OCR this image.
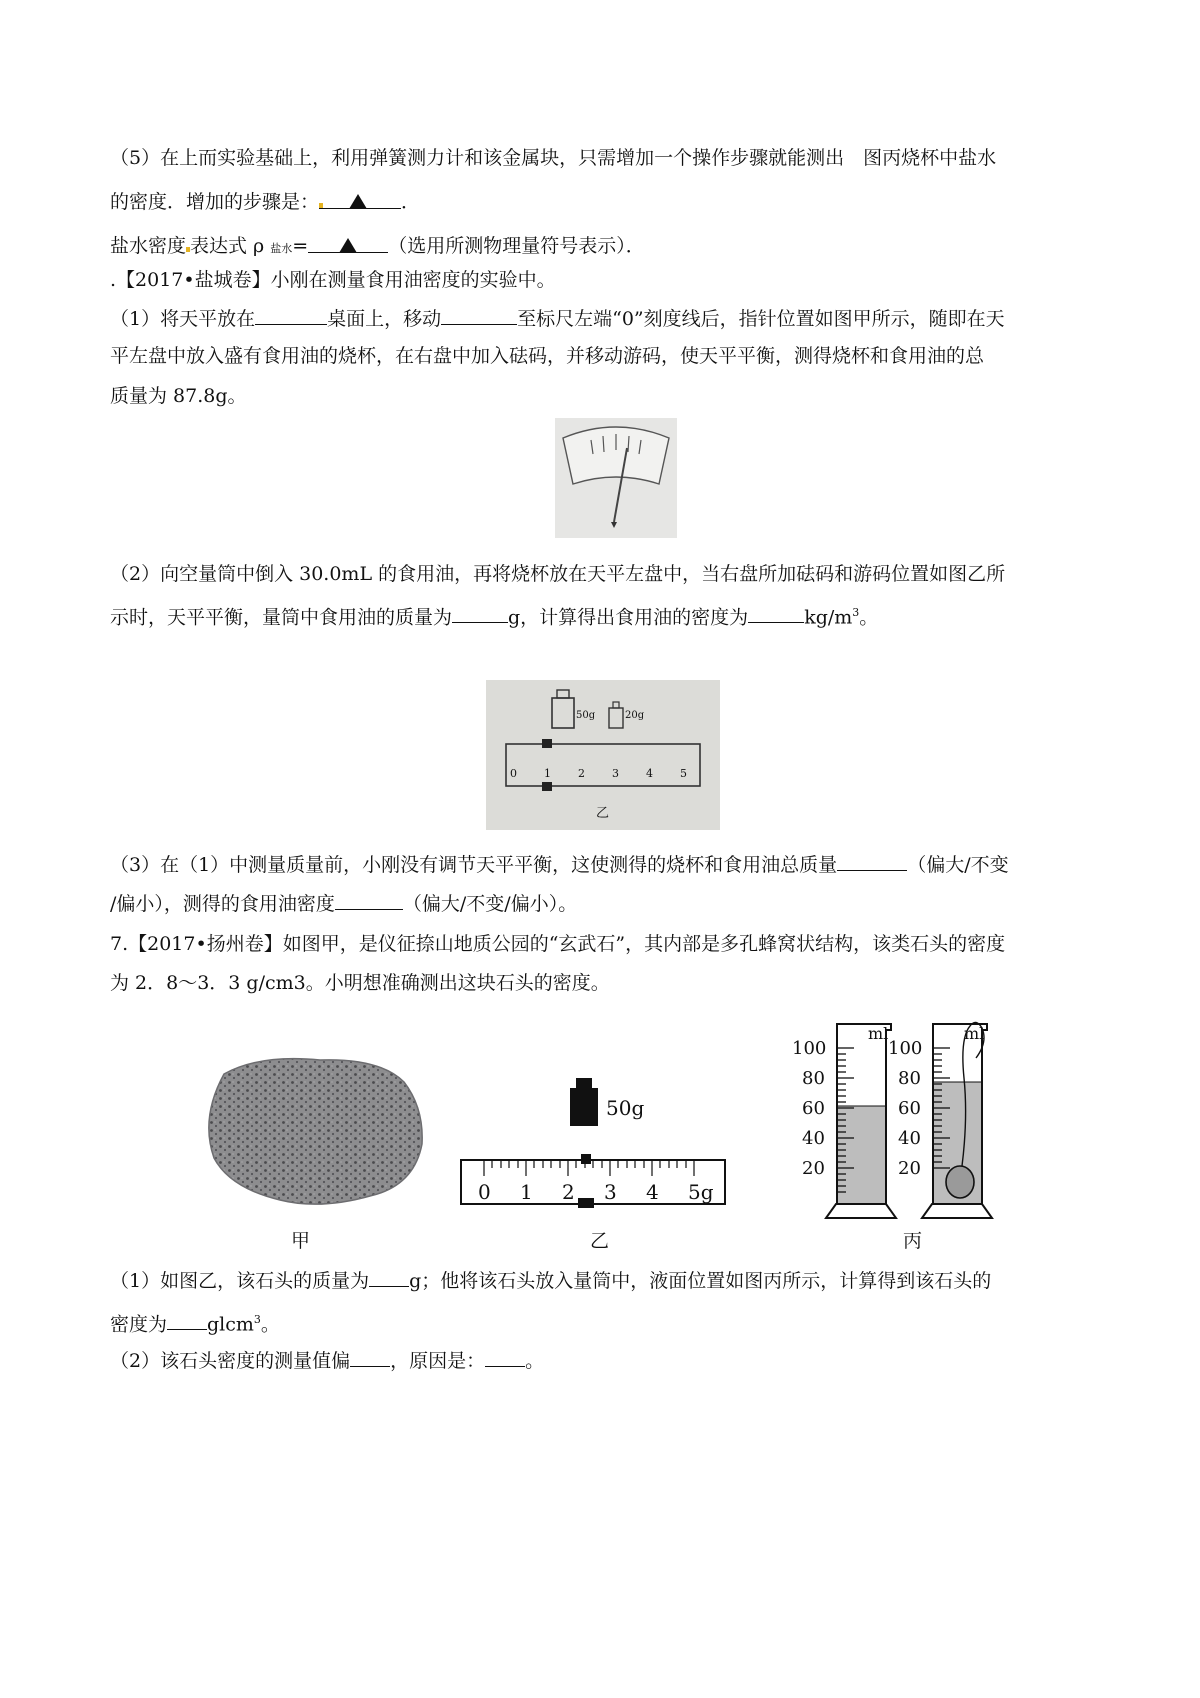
（5）在上而实验基础上，利用弹簧测力计和该金属块，只需增加一个操作步骤就能测出　图丙烧杯中盐水
的密度．增加的步骤是：	．
盐水密度 表达式 ρ 盐水=	（选用所测物理量符号表示）．
.【2017•盐城卷】小刚在测量食用油密度的实验中。
（1）将天平放在	桌面上，移动	至标尺左端“0”刻度线后，指针位置如图甲所示，随即在天
平左盘中放入盛有食用油的烧杯，在右盘中加入砝码，并移动游码，使天平平衡，测得烧杯和食用油的总
质量为 87.8g。
（2）向空量筒中倒入 30.0mL 的食用油，再将烧杯放在天平左盘中，当右盘所加砝码和游码位置如图乙所
示时，天平平衡，量筒中食用油的质量为	g，计算得出食用油的密度为	$kg/m^3$。
50g	20g
0 1 2 3 4 5
乙
（3）在（1）中测量质量前，小刚没有调节天平平衡，这使测得的烧杯和食用油总质量	（偏大/不变
/偏小），测得的食用油密度	（偏大/不变/偏小）。
7.【2017•扬州卷】如图甲，是仪征捺山地质公园的“玄武石”，其内部是多孔蜂窝状结构，该类石头的密度
为 2．8～3．3 g/cm3。小明想准确测出这块石头的密度。
50g
0 1 2 3 4 5g
ml	ml
100
80
60
40
20
100
80
60
40
20
甲	乙	丙
（1）如图乙，该石头的质量为 g；他将该石头放入量筒中，液面位置如图丙所示，计算得到该石头的
密度为 glcm$^3$。
（2）该石头密度的测量值偏 ，原因是： 。
